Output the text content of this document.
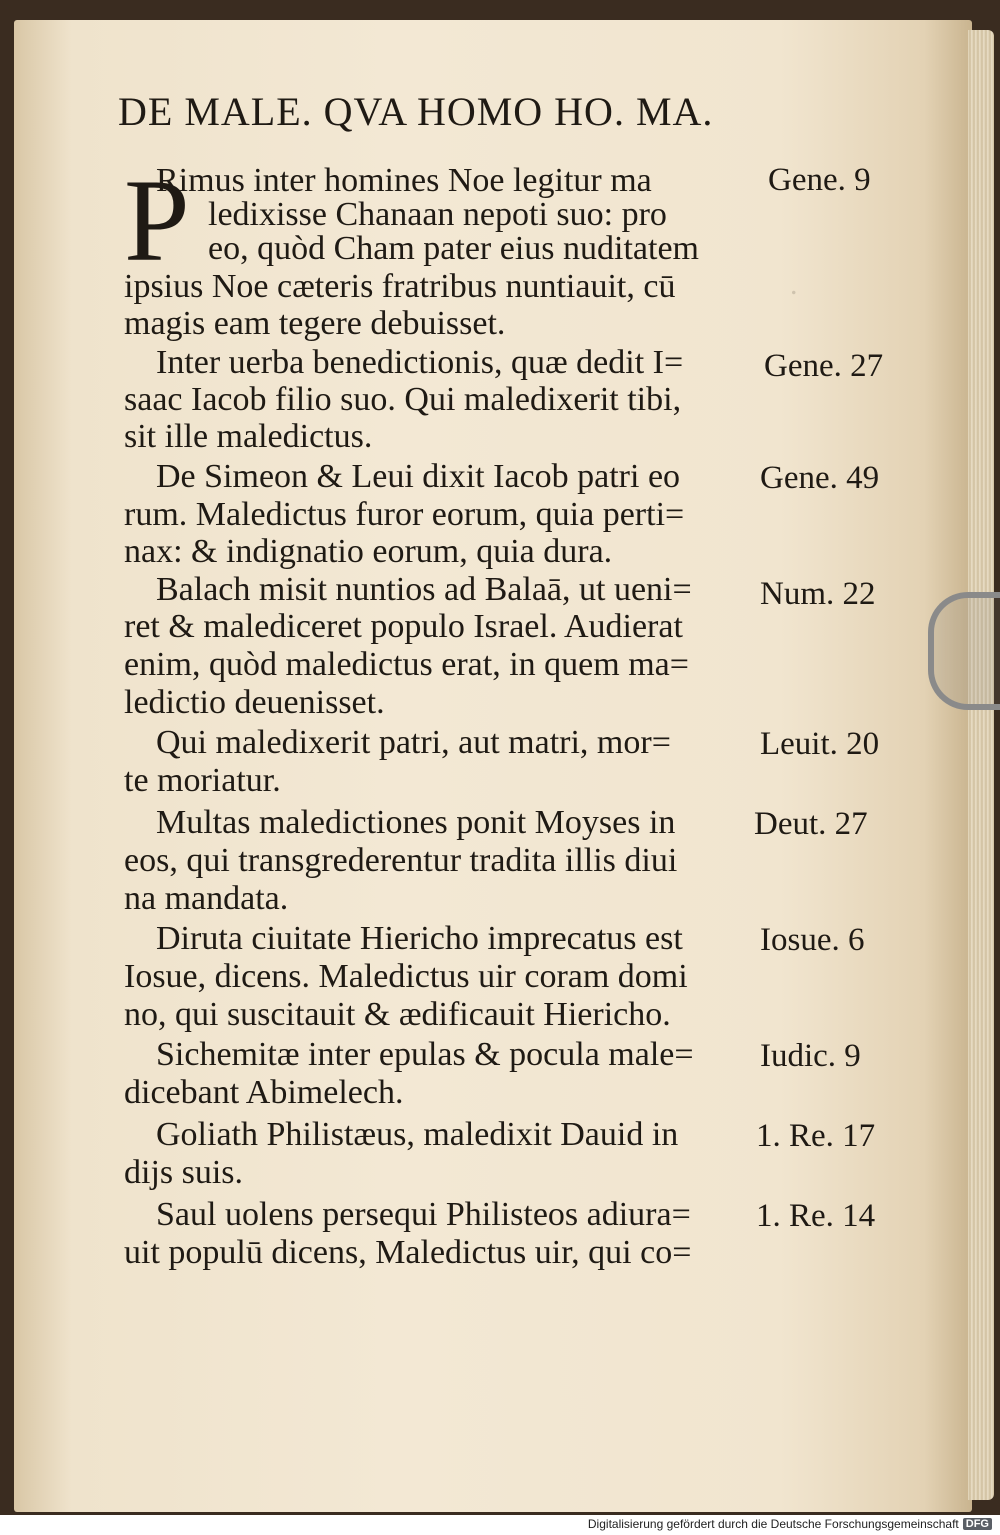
.
DE MALE. QVA HOMO HO. MA.
P
Rimus inter homines Noe legitur ma
ledixisse Chanaan nepoti suo: pro
eo, quòd Cham pater eius nuditatem
ipsius Noe cæteris fratribus nuntiauit, cū
magis eam tegere debuisset.
Inter uerba benedictionis, quæ dedit I=
saac Iacob filio suo. Qui maledixerit tibi,
sit ille maledictus.
De Simeon & Leui dixit Iacob patri eo
rum. Maledictus furor eorum, quia perti=
nax: & indignatio eorum, quia dura.
Balach misit nuntios ad Balaā, ut ueni=
ret & malediceret populo Israel. Audierat
enim, quòd maledictus erat, in quem ma=
ledictio deuenisset.
Qui maledixerit patri, aut matri, mor=
te moriatur.
Multas maledictiones ponit Moyses in
eos, qui transgrederentur tradita illis diui
na mandata.
Diruta ciuitate Hiericho imprecatus est
Iosue, dicens. Maledictus uir coram domi
no, qui suscitauit & ædificauit Hiericho.
Sichemitæ inter epulas & pocula male=
dicebant Abimelech.
Goliath Philistæus, maledixit Dauid in
dijs suis.
Saul uolens persequi Philisteos adiura=
uit populū dicens, Maledictus uir, qui co=
Gene. 9
Gene. 27
Gene. 49
Num. 22
Leuit. 20
Deut. 27
Iosue. 6
Iudic. 9
1. Re. 17
1. Re. 14
Digitalisierung gefördert durch die Deutsche Forschungsgemeinschaft DFG
